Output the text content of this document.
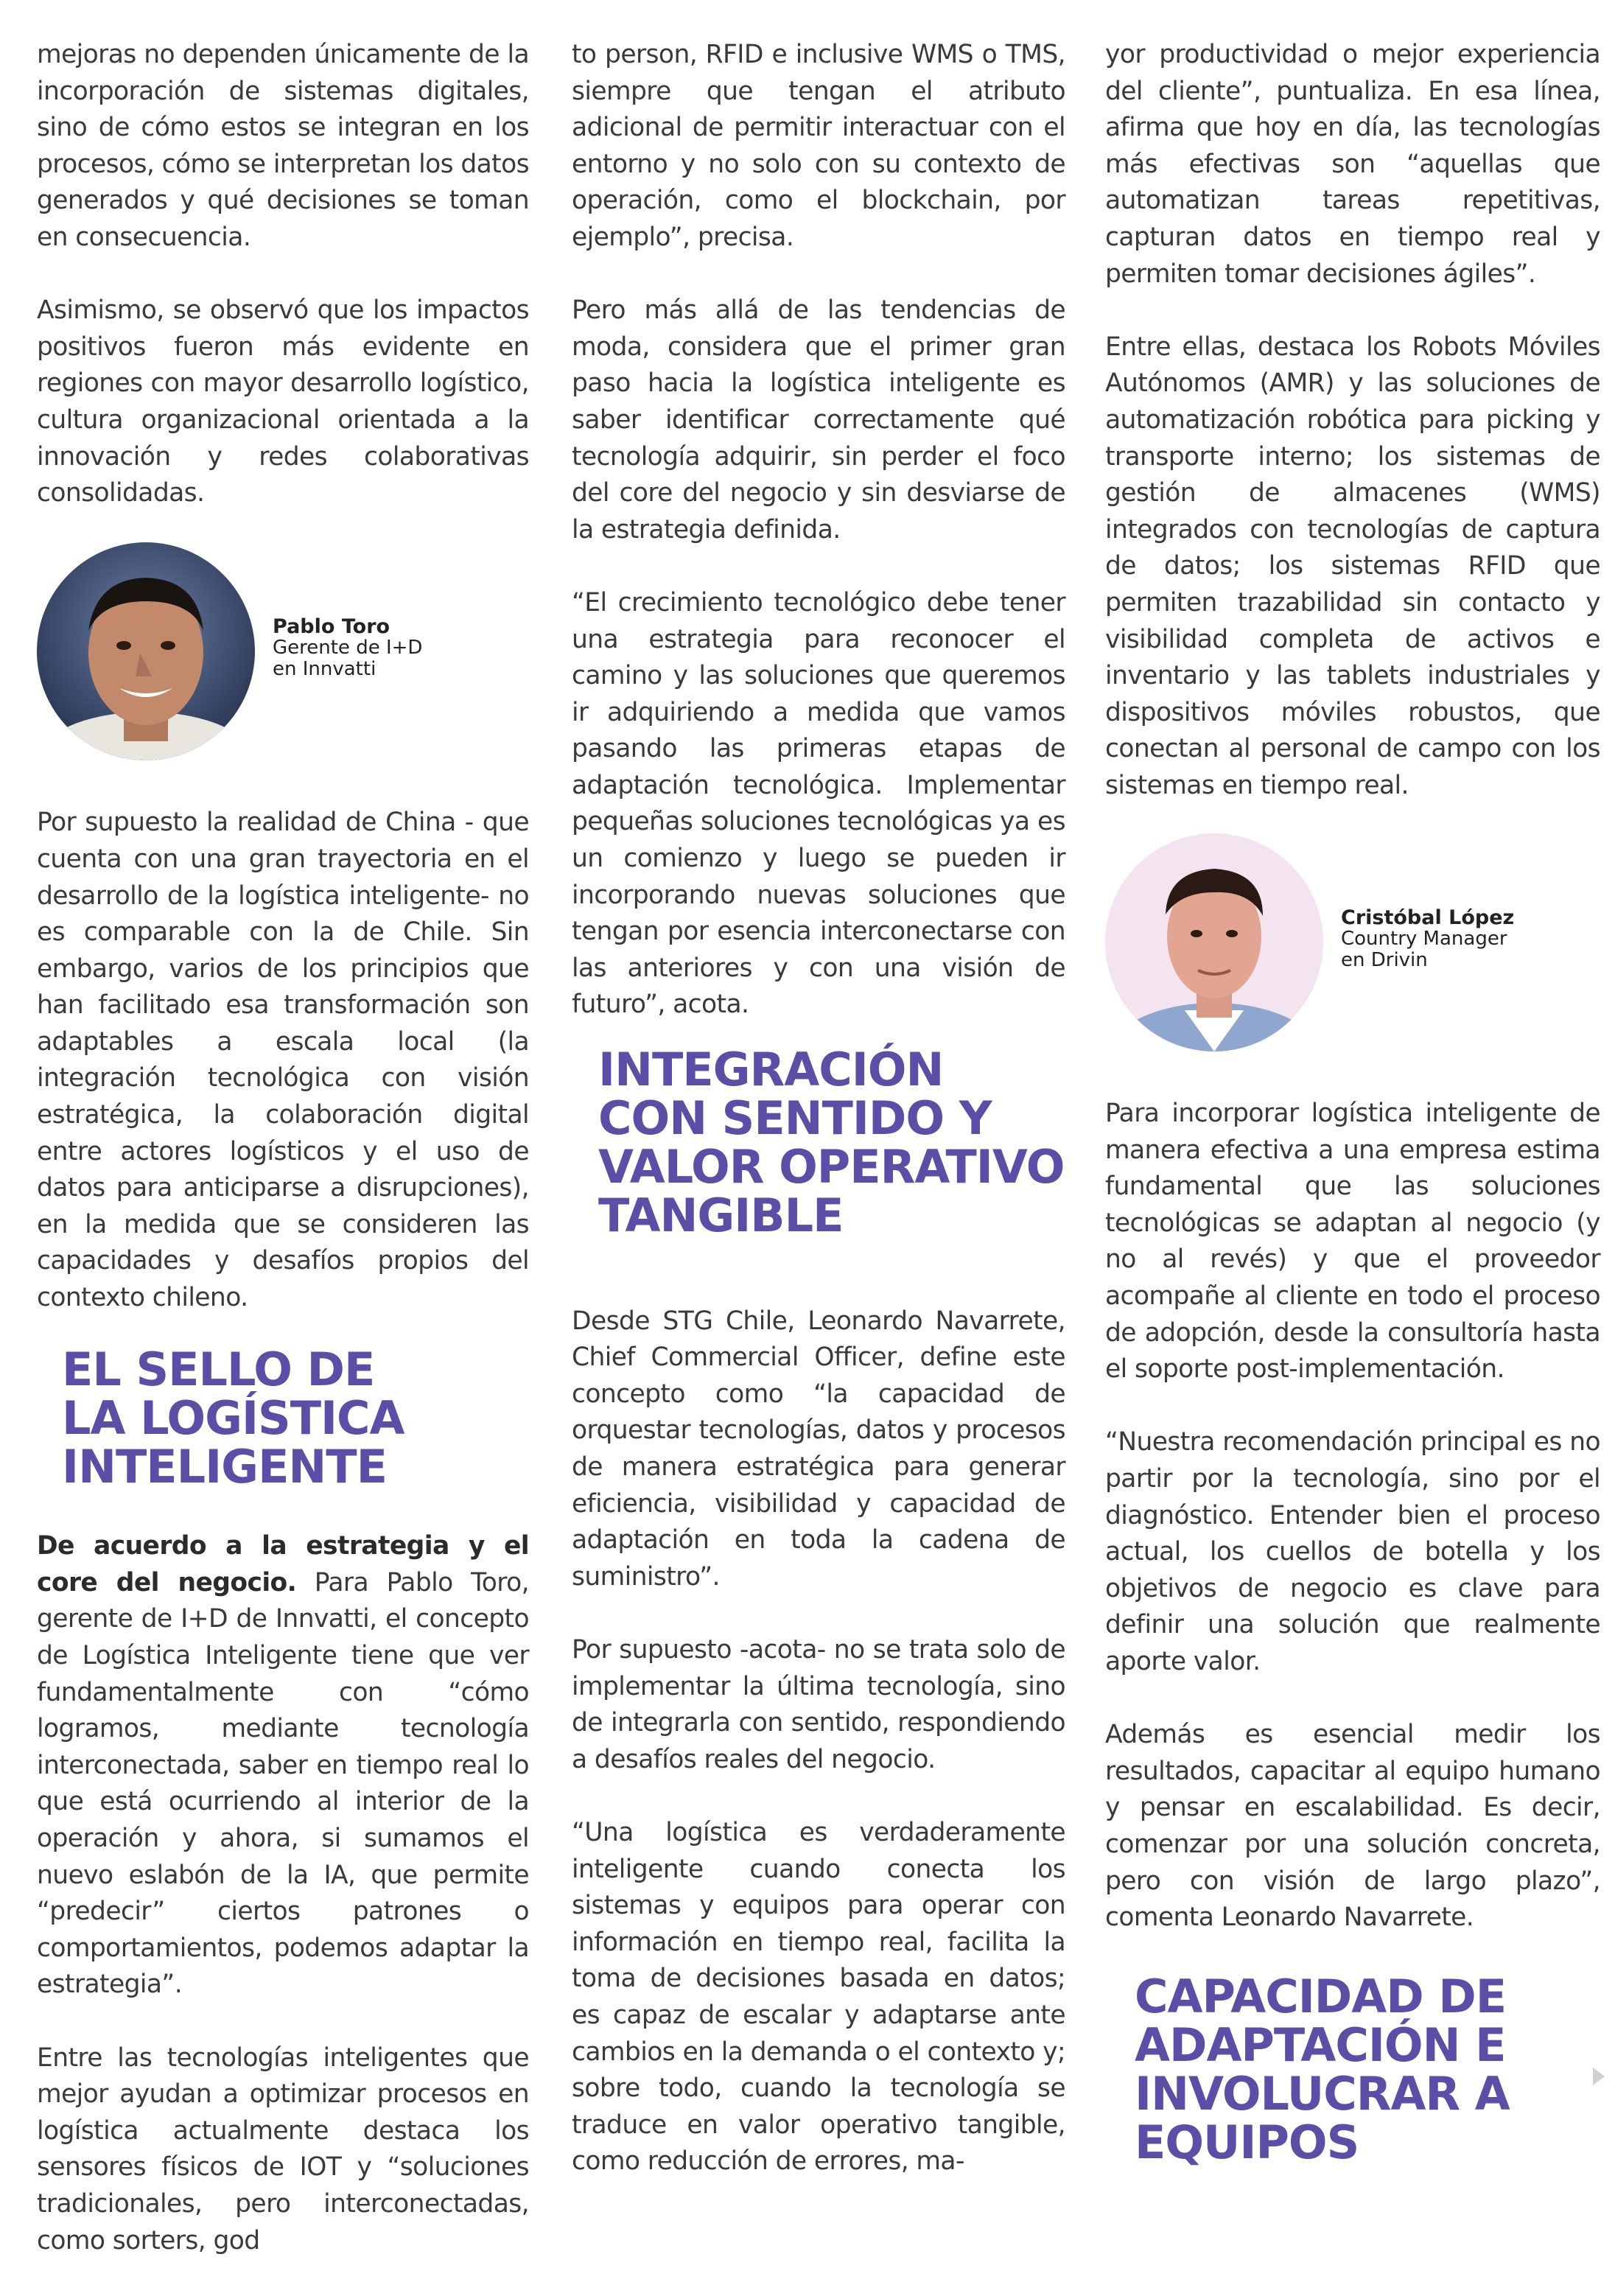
mejoras no dependen únicamente de la incorporación de sistemas digitales, sino de cómo estos se integran en los procesos, cómo se interpretan los datos generados y qué decisiones se toman en consecuencia.

Asimismo, se observó que los impactos positivos fueron más evidente en regiones con mayor desarrollo logístico, cultura organizacional orientada a la innovación y redes colaborativas consolidadas.

Pablo Toro
Gerente de I+D
en Innvatti

Por supuesto la realidad de China - que cuenta con una gran trayectoria en el desarrollo de la logística inteligente- no es comparable con la de Chile. Sin embargo, varios de los principios que han facilitado esa transformación son adaptables a escala local (la integración tecnológica con visión estratégica, la colaboración digital entre actores logísticos y el uso de datos para anticiparse a disrupciones), en la medida que se consideren las capacidades y desafíos propios del contexto chileno.

EL SELLO DE
LA LOGÍSTICA
INTELIGENTE

De acuerdo a la estrategia y el core del negocio. Para Pablo Toro, gerente de I+D de Innvatti, el concepto de Logística Inteligente tiene que ver fundamentalmente con “cómo logramos, mediante tecnología interconectada, saber en tiempo real lo que está ocurriendo al interior de la operación y ahora, si sumamos el nuevo eslabón de la IA, que permite “predecir” ciertos patrones o comportamientos, podemos adaptar la estrategia”.

Entre las tecnologías inteligentes que mejor ayudan a optimizar procesos en logística actualmente destaca los sensores físicos de IOT y “soluciones tradicionales, pero interconectadas, como sorters, god

to person, RFID e inclusive WMS o TMS, siempre que tengan el atributo adicional de permitir interactuar con el entorno y no solo con su contexto de operación, como el blockchain, por ejemplo”, precisa.

Pero más allá de las tendencias de moda, considera que el primer gran paso hacia la logística inteligente es saber identificar correctamente qué tecnología adquirir, sin perder el foco del core del negocio y sin desviarse de la estrategia definida.

“El crecimiento tecnológico debe tener una estrategia para reconocer el camino y las soluciones que queremos ir adquiriendo a medida que vamos pasando las primeras etapas de adaptación tecnológica. Implementar pequeñas soluciones tecnológicas ya es un comienzo y luego se pueden ir incorporando nuevas soluciones que tengan por esencia interconectarse con las anteriores y con una visión de futuro”, acota.

INTEGRACIÓN
CON SENTIDO Y
VALOR OPERATIVO
TANGIBLE

Desde STG Chile, Leonardo Navarrete, Chief Commercial Officer, define este concepto como “la capacidad de orquestar tecnologías, datos y procesos de manera estratégica para generar eficiencia, visibilidad y capacidad de adaptación en toda la cadena de suministro”.

Por supuesto -acota- no se trata solo de implementar la última tecnología, sino de integrarla con sentido, respondiendo a desafíos reales del negocio.

“Una logística es verdaderamente inteligente cuando conecta los sistemas y equipos para operar con información en tiempo real, facilita la toma de decisiones basada en datos; es capaz de escalar y adaptarse ante cambios en la demanda o el contexto y; sobre todo, cuando la tecnología se traduce en valor operativo tangible, como reducción de errores, ma-

yor productividad o mejor experiencia del cliente”, puntualiza. En esa línea, afirma que hoy en día, las tecnologías más efectivas son “aquellas que automatizan tareas repetitivas, capturan datos en tiempo real y permiten tomar decisiones ágiles”.

Entre ellas, destaca los Robots Móviles Autónomos (AMR) y las soluciones de automatización robótica para picking y transporte interno; los sistemas de gestión de almacenes (WMS) integrados con tecnologías de captura de datos; los sistemas RFID que permiten trazabilidad sin contacto y visibilidad completa de activos e inventario y las tablets industriales y dispositivos móviles robustos, que conectan al personal de campo con los sistemas en tiempo real.

Cristóbal López
Country Manager
en Drivin

Para incorporar logística inteligente de manera efectiva a una empresa estima fundamental que las soluciones tecnológicas se adaptan al negocio (y no al revés) y que el proveedor acompañe al cliente en todo el proceso de adopción, desde la consultoría hasta el soporte post-implementación.

“Nuestra recomendación principal es no partir por la tecnología, sino por el diagnóstico. Entender bien el proceso actual, los cuellos de botella y los objetivos de negocio es clave para definir una solución que realmente aporte valor.

Además es esencial medir los resultados, capacitar al equipo humano y pensar en escalabilidad. Es decir, comenzar por una solución concreta, pero con visión de largo plazo”, comenta Leonardo Navarrete.

CAPACIDAD DE
ADAPTACIÓN E
INVOLUCRAR A
EQUIPOS
